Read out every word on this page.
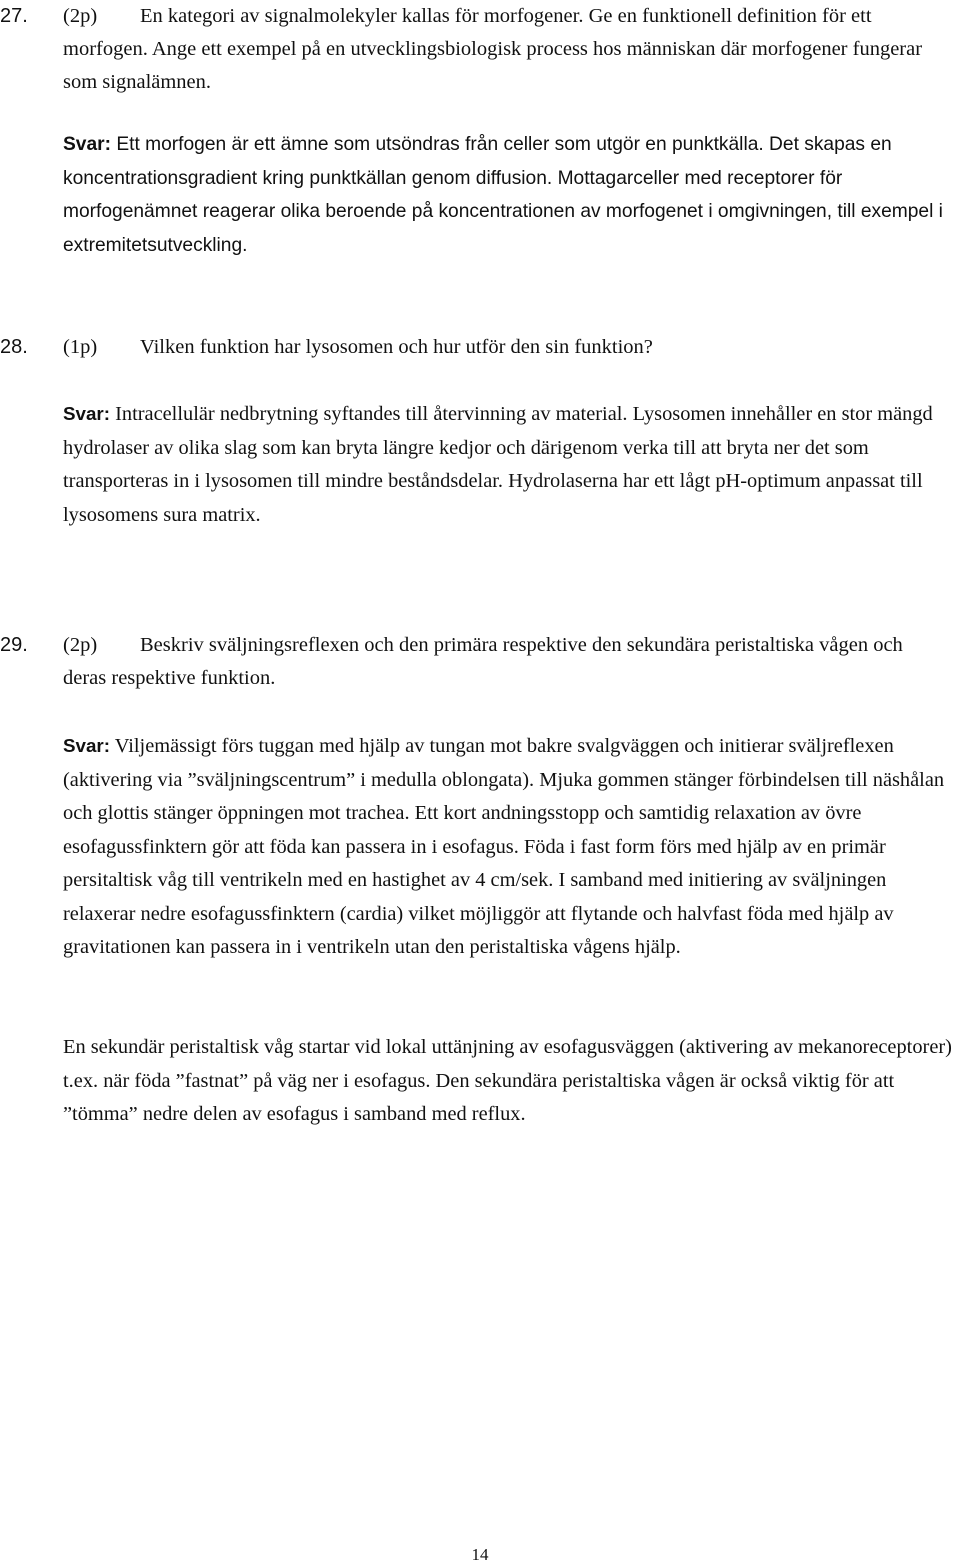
27. (2p) En kategori av signalmolekyler kallas för morfogener. Ge en funktionell definition för ett morfogen. Ange ett exempel på en utvecklingsbiologisk process hos människan där morfogener fungerar som signalämnen.
Svar: Ett morfogen är ett ämne som utsöndras från celler som utgör en punktkälla. Det skapas en koncentrationsgradient kring punktkällan genom diffusion. Mottagarceller med receptorer för morfogenämnet reagerar olika beroende på koncentrationen av morfogenet i omgivningen, till exempel i extremitetsutveckling.
28. (1p) Vilken funktion har lysosomen och hur utför den sin funktion?
Svar: Intracellulär nedbrytning syftandes till återvinning av material. Lysosomen innehåller en stor mängd hydrolaser av olika slag som kan bryta längre kedjor och därigenom verka till att bryta ner det som transporteras in i lysosomen till mindre beståndsdelar. Hydrolaserna har ett lågt pH-optimum anpassat till lysosomens sura matrix.
29. (2p)	Beskriv sväljningsreflexen och den primära respektive den sekundära peristaltiska vågen och deras respektive funktion.
Svar: Viljemässigt förs tuggan med hjälp av tungan mot bakre svalgväggen och initierar sväljreflexen (aktivering via ”sväljningscentrum” i medulla oblongata). Mjuka gommen stänger förbindelsen till näshålan och glottis stänger öppningen mot trachea. Ett kort andningsstopp och samtidig relaxation av övre esofagussfinktern gör att föda kan passera in i esofagus. Föda i fast form förs med hjälp av en primär persitaltisk våg till ventrikeln med en hastighet av 4 cm/sek. I samband med initiering av sväljningen relaxerar nedre esofagussfinktern (cardia) vilket möjliggör att flytande och halvfast föda med hjälp av gravitationen kan passera in i ventrikeln utan den peristaltiska vågens hjälp.
En sekundär peristaltisk våg startar vid lokal uttänjning av esofagusväggen (aktivering av mekanoreceptorer) t.ex. när föda ”fastnat” på väg ner i esofagus. Den sekundära peristaltiska vågen är också viktig för att ”tömma” nedre delen av esofagus i samband med reflux.
14
